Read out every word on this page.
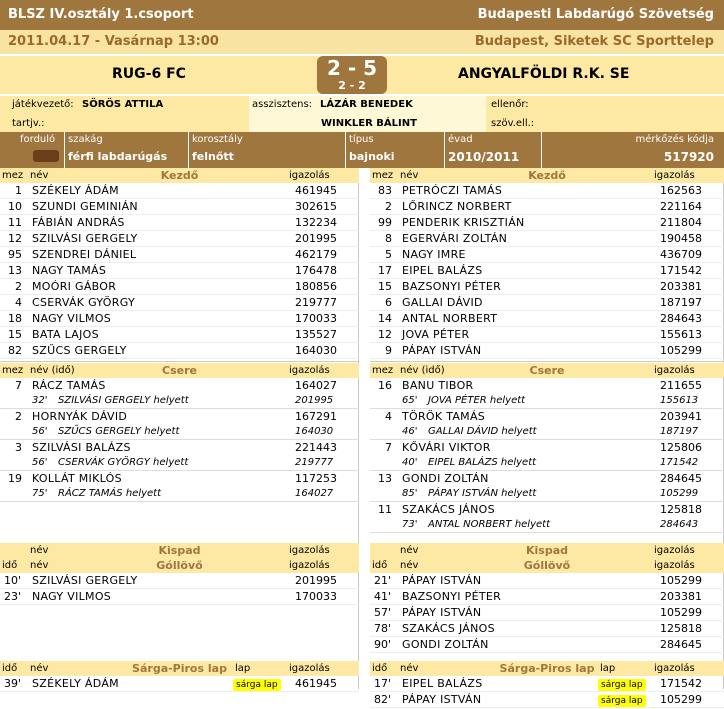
BLSZ IV.osztály 1.csoport	Budapesti Labdarúgó Szövetség
2011.04.17 - Vasárnap 13:00	Budapest, Siketek SC Sporttelep
RUG-6 FC	ANGYALFÖLDI R.K. SE
2 - 5
2 - 2
játékvezető: SÖRÖS ATTILA
tartjv.:
asszisztens: LÁZÁR BENEDEK
WINKLER BÁLINT
ellenőr:
szöv.ell.:
forduló szakág
férfi labdarúgás
korosztály
felnőtt
típus
bajnoki
évad
2010/2011
mérkőzés kódja
517920
mez név	Kezdő	igazolás
1 SZÉKELY ÁDÁM	461945
10 SZUNDI GEMINIÁN	302615
11 FÁBIÁN ANDRÁS	132234
12 SZILVÁSI GERGELY	201995
95 SZENDREI DÁNIEL	462179
13 NAGY TAMÁS	176478
2 MOÓRI GÁBOR	180856
4 CSERVÁK GYÖRGY	219777
18 NAGY VILMOS	170033
15 BATA LAJOS	135527
82 SZŰCS GERGELY	164030
mez név (idő)	Csere	igazolás
7 RÁCZ TAMÁS	164027
32' SZILVÁSI GERGELY helyett	201995
2 HORNYÁK DÁVID	167291
56' SZŰCS GERGELY helyett	164030
3 SZILVÁSI BALÁZS	221443
56' CSERVÁK GYÖRGY helyett	219777
19 KOLLÁT MIKLÓS	117253
75' RÁCZ TAMÁS helyett	164027
név	Kispad	igazolás
idő név	Góllövő	igazolás
10' SZILVÁSI GERGELY	201995
23' NAGY VILMOS	170033
idő név	Sárga-Piros lap lap	igazolás
39' SZÉKELY ÁDÁM	sárga lap 461945
mez név	Kezdő	igazolás
83 PETRÓCZI TAMÁS	162563
2 LŐRINCZ NORBERT	221164
99 PENDERIK KRISZTIÁN	211804
8 EGERVÁRI ZOLTÁN	190458
5 NAGY IMRE	436709
17 EIPEL BALÁZS	171542
15 BAZSONYI PÉTER	203381
6 GALLAI DÁVID	187197
14 ANTAL NORBERT	284643
12 JOVA PÉTER	155613
9 PÁPAY ISTVÁN	105299
mez név (idő)	Csere	igazolás
16 BANU TIBOR	211655
65' JOVA PÉTER helyett	155613
4 TÖRÖK TAMÁS	203941
46' GALLAI DÁVID helyett	187197
7 KŐVÁRI VIKTOR	125806
40' EIPEL BALÁZS helyett	171542
13 GONDI ZOLTÁN	284645
85' PÁPAY ISTVÁN helyett	105299
11 SZAKÁCS JÁNOS	125818
73' ANTAL NORBERT helyett	284643
név	Kispad	igazolás
idő név	Góllövő	igazolás
21' PÁPAY ISTVÁN	105299
41' BAZSONYI PÉTER	203381
57' PÁPAY ISTVÁN	105299
78' SZAKÁCS JÁNOS	125818
90' GONDI ZOLTÁN	284645
idő név	Sárga-Piros lap lap	igazolás
17' EIPEL BALÁZS	sárga lap 171542
82' PÁPAY ISTVÁN	sárga lap 105299
